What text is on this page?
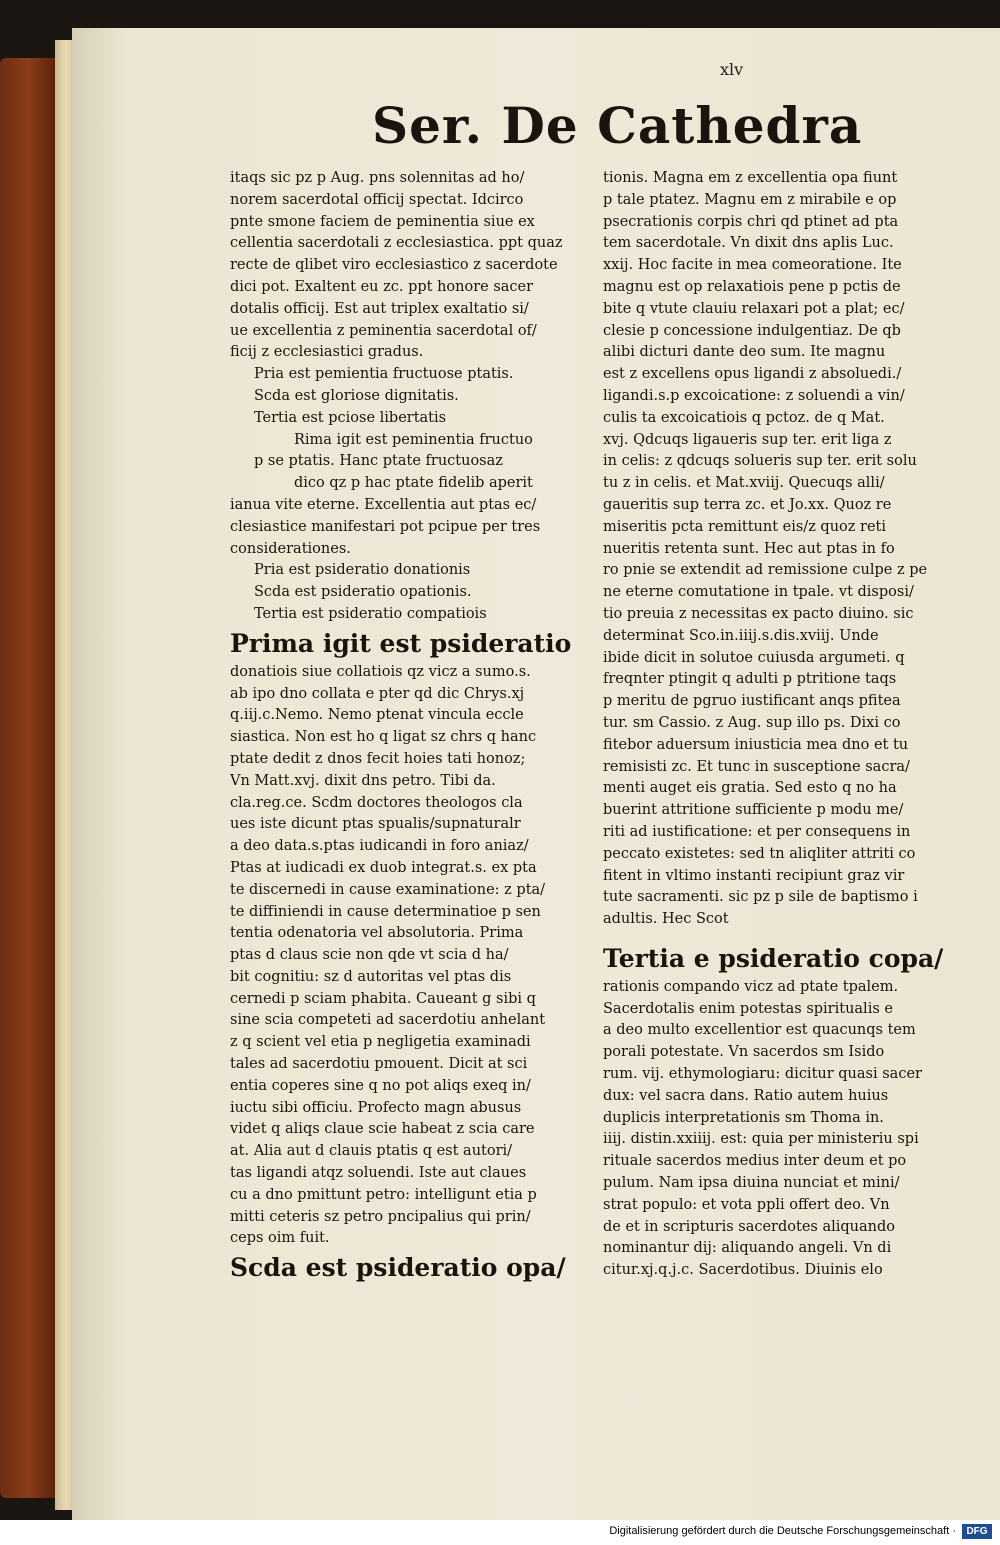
xlv
Ser. De Cathedra
itaqs sic pz p Aug. pns solennitas ad ho/
norem sacerdotal officij spectat. Idcirco
pnte smone faciem de peminentia siue ex
cellentia sacerdotali z ecclesiastica. ppt quaz
recte de qlibet viro ecclesiastico z sacerdote
dici pot. Exaltent eu zc. ppt honore sacer
dotalis officij. Est aut triplex exaltatio si/
ue excellentia z peminentia sacerdotal of/
ficij z ecclesiastici gradus.
Pria est pemientia fructuose ptatis.
Scda est gloriose dignitatis.
Tertia est pciose libertatis
Rima igit est peminentia fructuo
p se ptatis. Hanc ptate fructuosaz
dico qz p hac ptate fidelib aperit
ianua vite eterne. Excellentia aut ptas ec/
clesiastice manifestari pot pcipue per tres
considerationes.
Pria est psideratio donationis
Scda est psideratio opationis.
Tertia est psideratio compatiois
Prima igit est psideratio
donatiois siue collatiois qz vicz a sumo.s.
ab ipo dno collata e pter qd dic Chrys.xj
q.iij.c.Nemo. Nemo ptenat vincula eccle
siastica. Non est ho q ligat sz chrs q hanc
ptate dedit z dnos fecit hoies tati honoz;
Vn Matt.xvj. dixit dns petro. Tibi da.
cla.reg.ce. Scdm doctores theologos cla
ues iste dicunt ptas spualis/supnaturalr
a deo data.s.ptas iudicandi in foro aniaz/
Ptas at iudicadi ex duob integrat.s. ex pta
te discernedi in cause examinatione: z pta/
te diffiniendi in cause determinatioe p sen
tentia odenatoria vel absolutoria. Prima
ptas d claus scie non qde vt scia d ha/
bit cognitiu: sz d autoritas vel ptas dis
cernedi p sciam phabita. Caueant g sibi q
sine scia competeti ad sacerdotiu anhelant
z q scient vel etia p negligetia examinadi
tales ad sacerdotiu pmouent. Dicit at sci
entia coperes sine q no pot aliqs exeq in/
iuctu sibi officiu. Profecto magn abusus
videt q aliqs claue scie habeat z scia care
at. Alia aut d clauis ptatis q est autori/
tas ligandi atqz soluendi. Iste aut claues
cu a dno pmittunt petro: intelligunt etia p
mitti ceteris sz petro pncipalius qui prin/
ceps oim fuit.
Scda est psideratio opa/
tionis. Magna em z excellentia opa fiunt
p tale ptatez. Magnu em z mirabile e op
psecrationis corpis chri qd ptinet ad pta
tem sacerdotale. Vn dixit dns aplis Luc.
xxij. Hoc facite in mea comeoratione. Ite
magnu est op relaxatiois pene p pctis de
bite q vtute clauiu relaxari pot a plat; ec/
clesie p concessione indulgentiaz. De qb
alibi dicturi dante deo sum. Ite magnu
est z excellens opus ligandi z absoluedi./
ligandi.s.p excoicatione: z soluendi a vin/
culis ta excoicatiois q pctoz. de q Mat.
xvj. Qdcuqs ligaueris sup ter. erit liga z
in celis: z qdcuqs solueris sup ter. erit solu
tu z in celis. et Mat.xviij. Quecuqs alli/
gaueritis sup terra zc. et Jo.xx. Quoz re
miseritis pcta remittunt eis/z quoz reti
nueritis retenta sunt. Hec aut ptas in fo
ro pnie se extendit ad remissione culpe z pe
ne eterne comutatione in tpale. vt disposi/
tio preuia z necessitas ex pacto diuino. sic
determinat Sco.in.iiij.s.dis.xviij. Unde
ibide dicit in solutoe cuiusda argumeti. q
freqnter ptingit q adulti p ptritione taqs
p meritu de pgruo iustificant anqs pfitea
tur. sm Cassio. z Aug. sup illo ps. Dixi co
fitebor aduersum iniusticia mea dno et tu
remisisti zc. Et tunc in susceptione sacra/
menti auget eis gratia. Sed esto q no ha
buerint attritione sufficiente p modu me/
riti ad iustificatione: et per consequens in
peccato existetes: sed tn aliqliter attriti co
fitent in vltimo instanti recipiunt graz vir
tute sacramenti. sic pz p sile de baptismo i
adultis. Hec Scot
Tertia e psideratio copa/
rationis compando vicz ad ptate tpalem.
Sacerdotalis enim potestas spiritualis e
a deo multo excellentior est quacunqs tem
porali potestate. Vn sacerdos sm Isido
rum. vij. ethymologiaru: dicitur quasi sacer
dux: vel sacra dans. Ratio autem huius
duplicis interpretationis sm Thoma in.
iiij. distin.xxiiij. est: quia per ministeriu spi
rituale sacerdos medius inter deum et po
pulum. Nam ipsa diuina nunciat et mini/
strat populo: et vota ppli offert deo. Vn
de et in scripturis sacerdotes aliquando
nominantur dij: aliquando angeli. Vn di
citur.xj.q.j.c. Sacerdotibus. Diuinis elo
Digitalisierung gefördert durch die Deutsche Forschungsgemeinschaft ·	DFG
